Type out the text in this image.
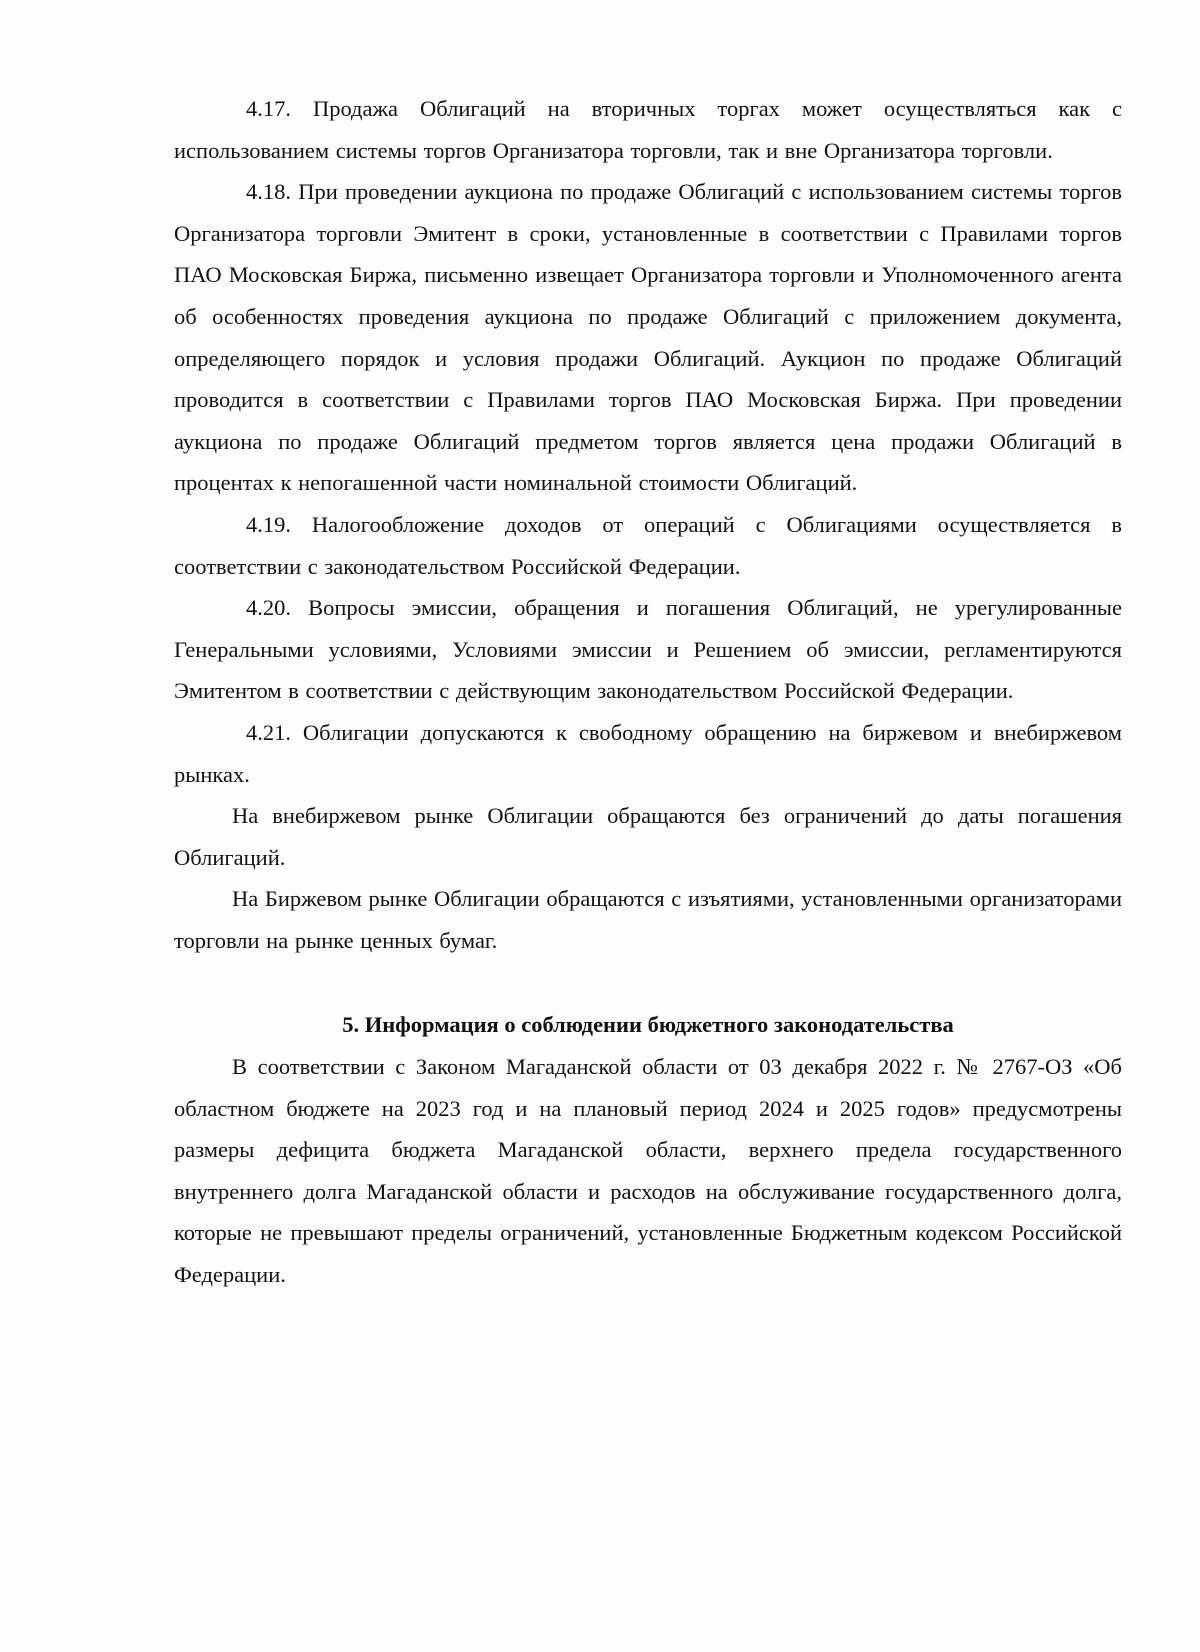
4.17. Продажа Облигаций на вторичных торгах может осуществляться как с использованием системы торгов Организатора торговли, так и вне Организатора торговли.

4.18. При проведении аукциона по продаже Облигаций с использованием системы торгов Организатора торговли Эмитент в сроки, установленные в соответствии с Правилами торгов ПАО Московская Биржа, письменно извещает Организатора торговли и Уполномоченного агента об особенностях проведения аукциона по продаже Облигаций с приложением документа, определяющего порядок и условия продажи Облигаций. Аукцион по продаже Облигаций проводится в соответствии с Правилами торгов ПАО Московская Биржа. При проведении аукциона по продаже Облигаций предметом торгов является цена продажи Облигаций в процентах к непогашенной части номинальной стоимости Облигаций.

4.19. Налогообложение доходов от операций с Облигациями осуществляется в соответствии с законодательством Российской Федерации.

4.20. Вопросы эмиссии, обращения и погашения Облигаций, не урегулированные Генеральными условиями, Условиями эмиссии и Решением об эмиссии, регламентируются Эмитентом в соответствии с действующим законодательством Российской Федерации.

4.21. Облигации допускаются к свободному обращению на биржевом и внебиржевом рынках.

На внебиржевом рынке Облигации обращаются без ограничений до даты погашения Облигаций.

На Биржевом рынке Облигации обращаются с изъятиями, установленными организаторами торговли на рынке ценных бумаг.

5. Информация о соблюдении бюджетного законодательства

В соответствии с Законом Магаданской области от 03 декабря 2022 г. № 2767-ОЗ «Об областном бюджете на 2023 год и на плановый период 2024 и 2025 годов» предусмотрены размеры дефицита бюджета Магаданской области, верхнего предела государственного внутреннего долга Магаданской области и расходов на обслуживание государственного долга, которые не превышают пределы ограничений, установленные Бюджетным кодексом Российской Федерации.
